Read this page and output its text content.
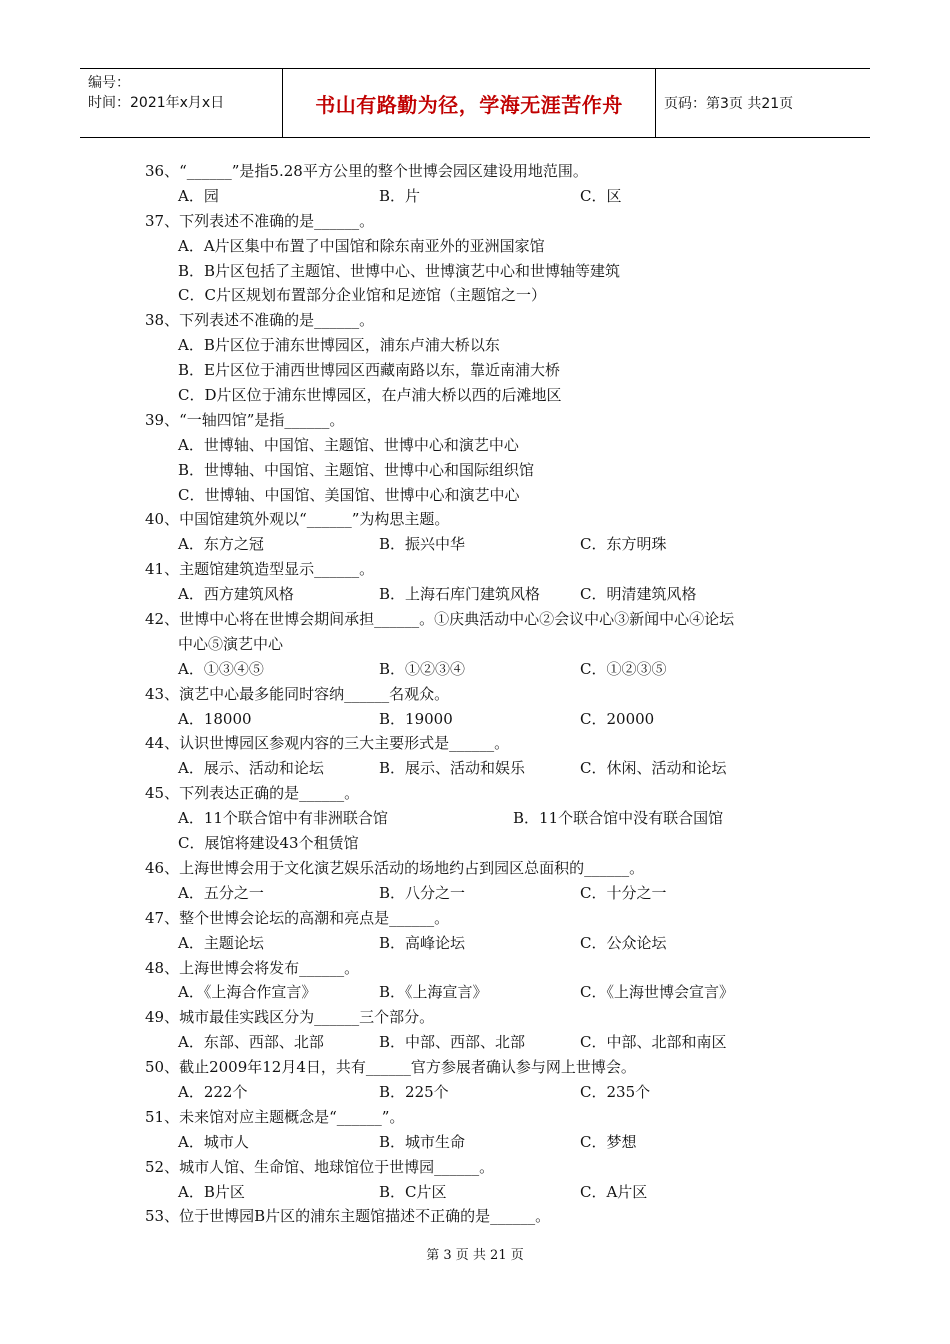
编号：
时间：2021年x月x日	书山有路勤为径，学海无涯苦作舟	页码：第3页 共21页
36、“______”是指5.28平方公里的整个世博会园区建设用地范围。
A．园	B．片	C．区
37、下列表述不准确的是______。
A．A片区集中布置了中国馆和除东南亚外的亚洲国家馆
B．B片区包括了主题馆、世博中心、世博演艺中心和世博轴等建筑
C．C片区规划布置部分企业馆和足迹馆（主题馆之一）
38、下列表述不准确的是______。
A．B片区位于浦东世博园区，浦东卢浦大桥以东
B．E片区位于浦西世博园区西藏南路以东，靠近南浦大桥
C．D片区位于浦东世博园区，在卢浦大桥以西的后滩地区
39、“一轴四馆”是指______。
A．世博轴、中国馆、主题馆、世博中心和演艺中心
B．世博轴、中国馆、主题馆、世博中心和国际组织馆
C．世博轴、中国馆、美国馆、世博中心和演艺中心
40、中国馆建筑外观以“______”为构思主题。
A．东方之冠	B．振兴中华	C．东方明珠
41、主题馆建筑造型显示______。
A．西方建筑风格	B．上海石库门建筑风格	C．明清建筑风格
42、世博中心将在世博会期间承担______。①庆典活动中心②会议中心③新闻中心④论坛
中心⑤演艺中心
A．①③④⑤	B．①②③④	C．①②③⑤
43、演艺中心最多能同时容纳______名观众。
A．18000	B．19000	C．20000
44、认识世博园区参观内容的三大主要形式是______。
A．展示、活动和论坛	B．展示、活动和娱乐	C．休闲、活动和论坛
45、下列表达正确的是______。
A．11个联合馆中有非洲联合馆	B．11个联合馆中没有联合国馆
C．展馆将建设43个租赁馆
46、上海世博会用于文化演艺娱乐活动的场地约占到园区总面积的______。
A．五分之一	B．八分之一	C．十分之一
47、整个世博会论坛的高潮和亮点是______。
A．主题论坛	B．高峰论坛	C．公众论坛
48、上海世博会将发布______。
A．《上海合作宣言》	B．《上海宣言》	C．《上海世博会宣言》
49、城市最佳实践区分为______三个部分。
A．东部、西部、北部	B．中部、西部、北部	C．中部、北部和南区
50、截止2009年12月4日，共有______官方参展者确认参与网上世博会。
A．222个	B．225个	C．235个
51、未来馆对应主题概念是“______”。
A．城市人	B．城市生命	C．梦想
52、城市人馆、生命馆、地球馆位于世博园______。
A．B片区	B．C片区	C．A片区
53、位于世博园B片区的浦东主题馆描述不正确的是______。
第 3 页 共 21 页
